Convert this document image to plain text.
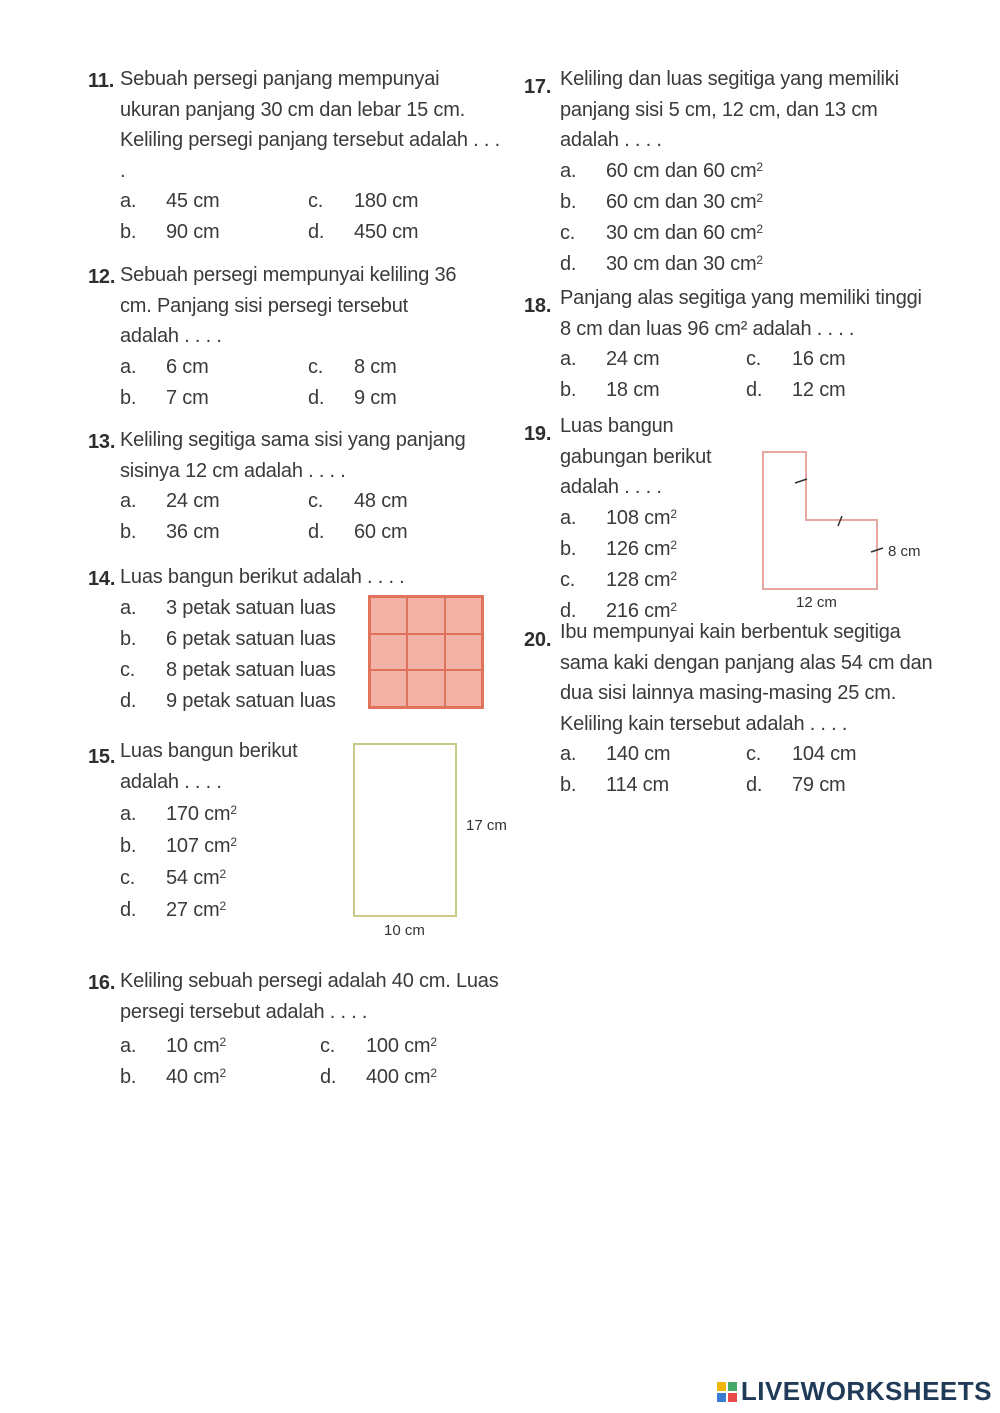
11. Sebuah persegi panjang mempunyai ukuran panjang 30 cm dan lebar 15 cm. Keliling persegi panjang tersebut adalah . . . .

a. 45 cm
b. 90 cm
c. 180 cm
d. 450 cm
12. Sebuah persegi mempunyai keliling 36 cm. Panjang sisi persegi tersebut adalah . . . .

a. 6 cm
b. 7 cm
c. 8 cm
d. 9 cm
13. Keliling segitiga sama sisi yang panjang sisinya 12 cm adalah . . . .

a. 24 cm
b. 36 cm
c. 48 cm
d. 60 cm
14. Luas bangun berikut adalah . . . .

a. 3 petak satuan luas
b. 6 petak satuan luas
c. 8 petak satuan luas
d. 9 petak satuan luas
15. Luas bangun berikut adalah . . . .

a. 170 $cm^2$
b. 107 $cm^2$
c. 54 $cm^2$
d. 27 $cm^2$
17 cm
10 cm
16. Keliling sebuah persegi adalah 40 cm. Luas persegi tersebut adalah . . . .

a. 10 $cm^2$
b. 40 $cm^2$
c. 100 $cm^2$
d. 400 $cm^2$
17. Keliling dan luas segitiga yang memiliki panjang sisi 5 cm, 12 cm, dan 13 cm adalah . . . .

a. 60 cm dan 60 $cm^2$
b. 60 cm dan 30 $cm^2$
c. 30 cm dan 60 $cm^2$
d. 30 cm dan 30 $cm^2$
18. Panjang alas segitiga yang memiliki tinggi 8 cm dan luas 96 cm² adalah . . . .

a. 24 cm
b. 18 cm
c. 16 cm
d. 12 cm
19. Luas bangun gabungan berikut adalah . . . .

a. 108 $cm^2$
b. 126 $cm^2$
c. 128 $cm^2$
d. 216 $cm^2$
8 cm
12 cm
20. Ibu mempunyai kain berbentuk segitiga sama kaki dengan panjang alas 54 cm dan dua sisi lainnya masing-masing 25 cm. Keliling kain tersebut adalah . . . .

a. 140 cm
b. 114 cm
c. 104 cm
d. 79 cm
LIVEWORKSHEETS
